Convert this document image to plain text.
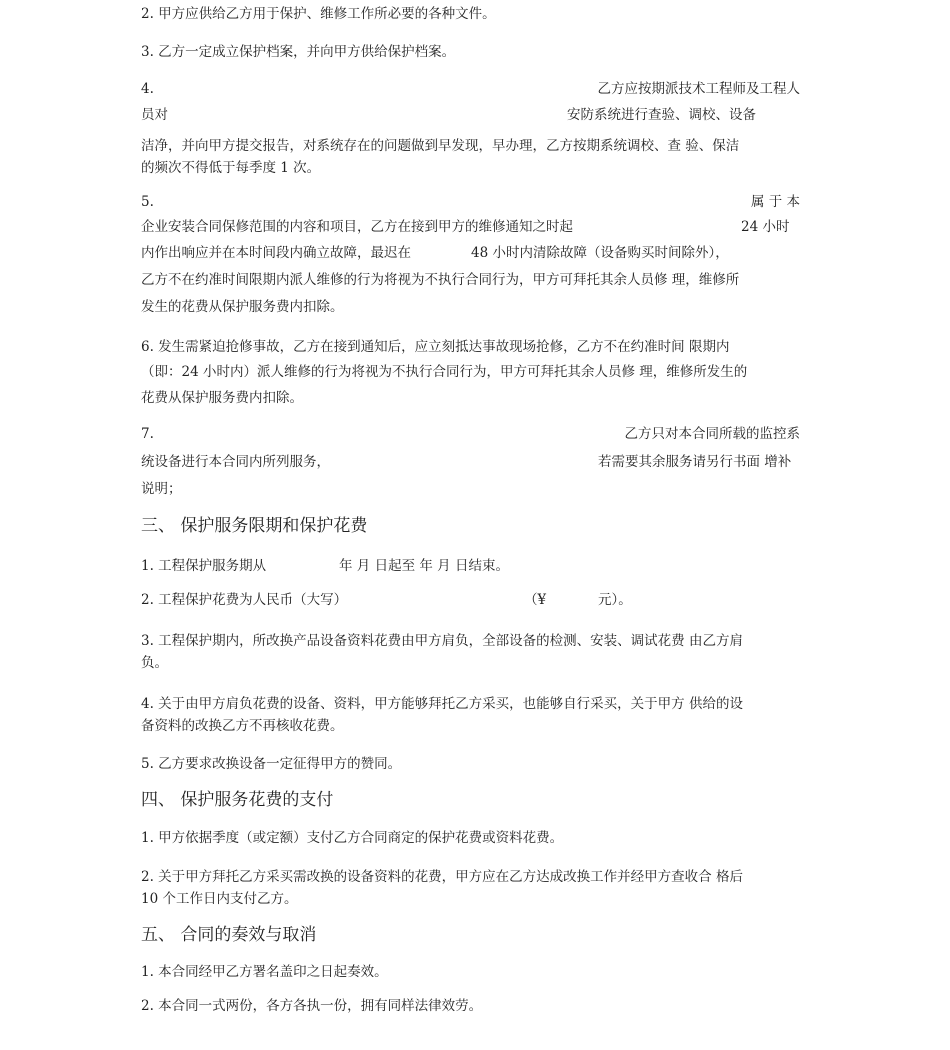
2. 甲方应供给乙方用于保护、维修工作所必要的各种文件。
3. 乙方一定成立保护档案，并向甲方供给保护档案。
4.	乙方应按期派技术工程师及工程人
员对	安防系统进行查验、调校、设备
洁净，并向甲方提交报告，对系统存在的问题做到早发现，早办理，乙方按期系统调校、查 验、保洁
的频次不得低于每季度 1 次。
5.	属 于 本
企业安装合同保修范围的内容和项目，乙方在接到甲方的维修通知之时起	24 小时
内作出响应并在本时间段内确立故障，最迟在	48 小时内清除故障（设备购买时间除外），
乙方不在约准时间限期内派人维修的行为将视为不执行合同行为，甲方可拜托其余人员修 理，维修所
发生的花费从保护服务费内扣除。
6. 发生需紧迫抢修事故，乙方在接到通知后，应立刻抵达事故现场抢修，乙方不在约准时间 限期内
（即：24 小时内）派人维修的行为将视为不执行合同行为，甲方可拜托其余人员修 理，维修所发生的
花费从保护服务费内扣除。
7.	乙方只对本合同所载的监控系
统设备进行本合同内所列服务，	若需要其余服务请另行书面 增补
说明；
三、 保护服务限期和保护花费
1. 工程保护服务期从	年 月 日起至 年 月 日结束。
2. 工程保护花费为人民币（大写）	（¥	元）。
3. 工程保护期内，所改换产品设备资料花费由甲方肩负，全部设备的检测、安装、调试花费 由乙方肩
负。
4. 关于由甲方肩负花费的设备、资料，甲方能够拜托乙方采买，也能够自行采买，关于甲方 供给的设
备资料的改换乙方不再核收花费。
5. 乙方要求改换设备一定征得甲方的赞同。
四、 保护服务花费的支付
1. 甲方依据季度（或定额）支付乙方合同商定的保护花费或资料花费。
2. 关于甲方拜托乙方采买需改换的设备资料的花费，甲方应在乙方达成改换工作并经甲方查收合 格后
10 个工作日内支付乙方。
五、 合同的奏效与取消
1. 本合同经甲乙方署名盖印之日起奏效。
2. 本合同一式两份，各方各执一份，拥有同样法律效劳。
